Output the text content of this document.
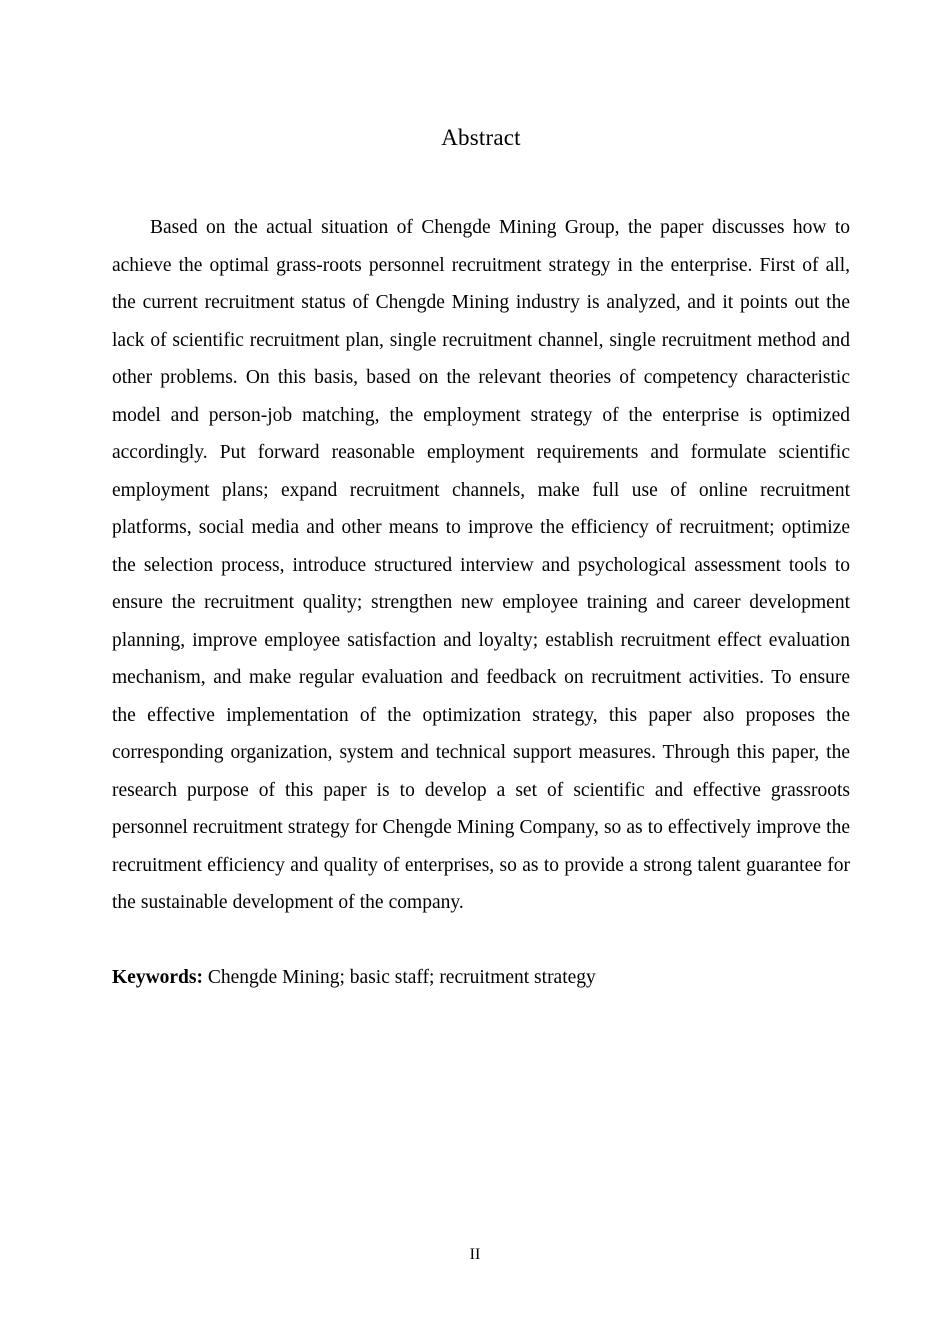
Abstract

Based on the actual situation of Chengde Mining Group, the paper discusses how to achieve the optimal grass-roots personnel recruitment strategy in the enterprise. First of all, the current recruitment status of Chengde Mining industry is analyzed, and it points out the lack of scientific recruitment plan, single recruitment channel, single recruitment method and other problems. On this basis, based on the relevant theories of competency characteristic model and person-job matching, the employment strategy of the enterprise is optimized accordingly. Put forward reasonable employment requirements and formulate scientific employment plans; expand recruitment channels, make full use of online recruitment platforms, social media and other means to improve the efficiency of recruitment; optimize the selection process, introduce structured interview and psychological assessment tools to ensure the recruitment quality; strengthen new employee training and career development planning, improve employee satisfaction and loyalty; establish recruitment effect evaluation mechanism, and make regular evaluation and feedback on recruitment activities. To ensure the effective implementation of the optimization strategy, this paper also proposes the corresponding organization, system and technical support measures. Through this paper, the research purpose of this paper is to develop a set of scientific and effective grassroots personnel recruitment strategy for Chengde Mining Company, so as to effectively improve the recruitment efficiency and quality of enterprises, so as to provide a strong talent guarantee for the sustainable development of the company.

Keywords: Chengde Mining; basic staff; recruitment strategy

II
